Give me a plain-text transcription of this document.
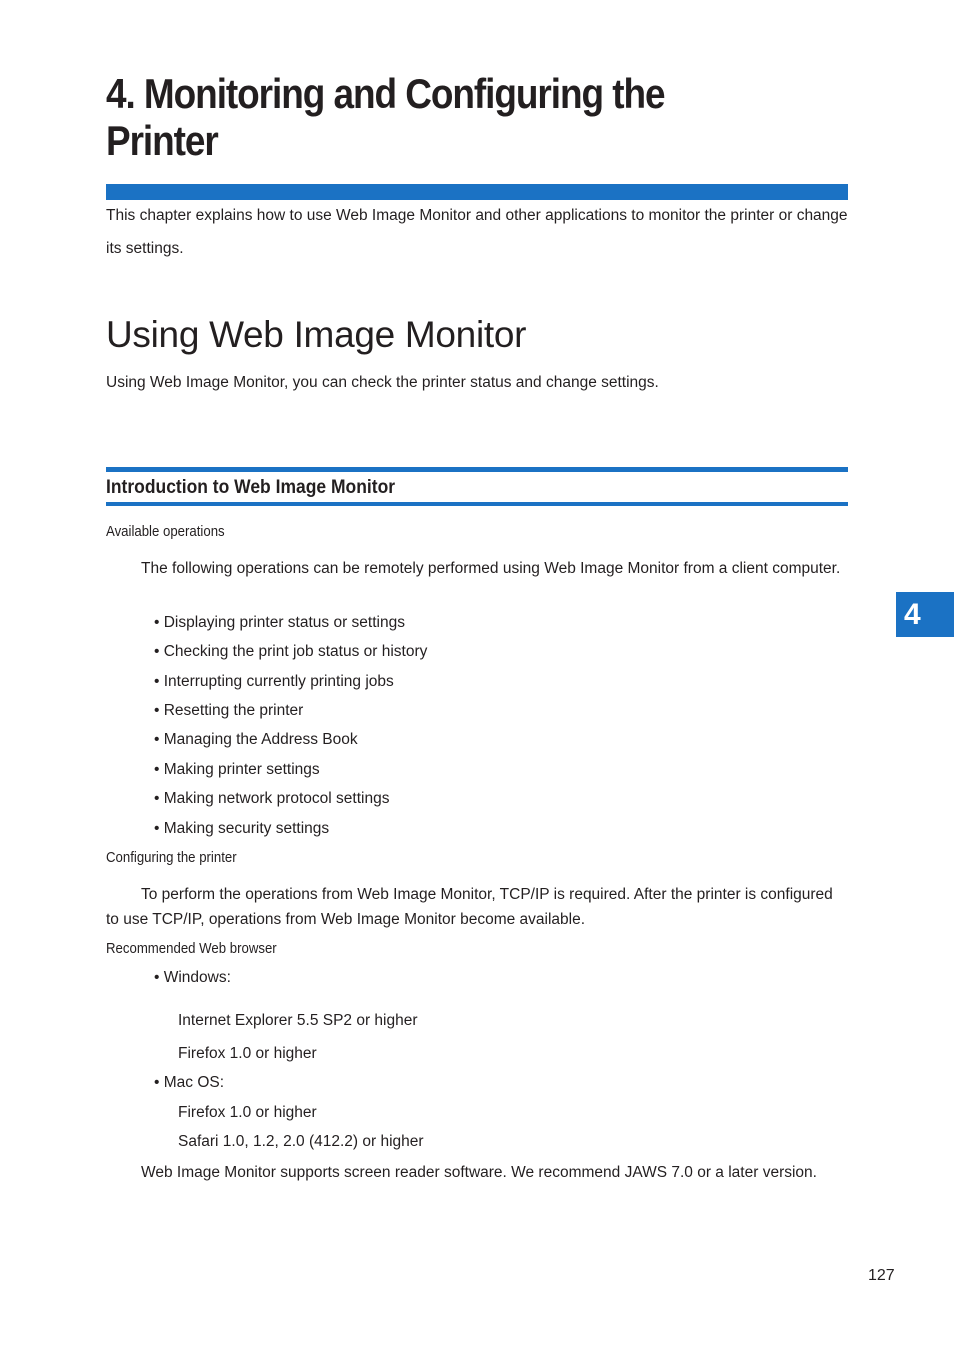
4. Monitoring and Configuring the Printer

This chapter explains how to use Web Image Monitor and other applications to monitor the printer or change its settings.

Using Web Image Monitor

Using Web Image Monitor, you can check the printer status and change settings.

Introduction to Web Image Monitor
Available operations

The following operations can be remotely performed using Web Image Monitor from a client computer.

• Displaying printer status or settings

• Checking the print job status or history

• Interrupting currently printing jobs

• Resetting the printer

• Managing the Address Book

• Making printer settings

• Making network protocol settings

• Making security settings

Configuring the printer

To perform the operations from Web Image Monitor, TCP/IP is required. After the printer is configured to use TCP/IP, operations from Web Image Monitor become available.

Recommended Web browser

• Windows:

Internet Explorer 5.5 SP2 or higher

Firefox 1.0 or higher

• Mac OS:

Firefox 1.0 or higher

Safari 1.0, 1.2, 2.0 (412.2) or higher

Web Image Monitor supports screen reader software. We recommend JAWS 7.0 or a later version.

4

127
